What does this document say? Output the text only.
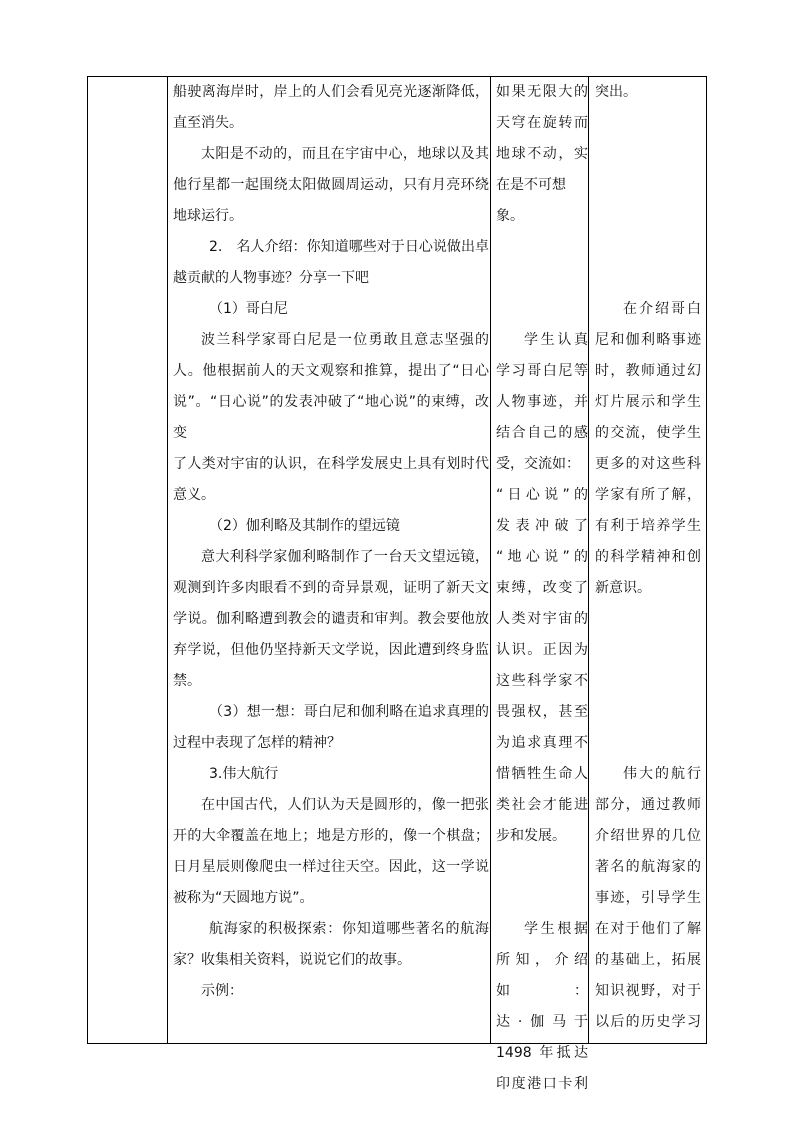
船驶离海岸时，岸上的人们会看见亮光逐渐降低，

直至消失。

太阳是不动的，而且在宇宙中心，地球以及其

他行星都一起围绕太阳做圆周运动，只有月亮环绕

地球运行。

2.　名人介绍：你知道哪些对于日心说做出卓

越贡献的人物事迹？分享一下吧

（1）哥白尼

波兰科学家哥白尼是一位勇敢且意志坚强的

人。他根据前人的天文观察和推算，提出了“日心

说”。“日心说”的发表冲破了“地心说”的束缚，改变

了人类对宇宙的认识，在科学发展史上具有划时代

意义。

（2）伽利略及其制作的望远镜

意大利科学家伽利略制作了一台天文望远镜，

观测到许多肉眼看不到的奇异景观，证明了新天文

学说。伽利略遭到教会的谴责和审判。教会要他放

弃学说，但他仍坚持新天文学说，因此遭到终身监

禁。

（3）想一想：哥白尼和伽利略在追求真理的

过程中表现了怎样的精神？

3.伟大航行

在中国古代，人们认为天是圆形的，像一把张

开的大伞覆盖在地上；地是方形的，像一个棋盘；

日月星辰则像爬虫一样过往天空。因此，这一学说

被称为“天圆地方说”。

航海家的积极探索：你知道哪些著名的航海

家？收集相关资料，说说它们的故事。

示例：

如果无限大的

天穹在旋转而

地球不动，实

在是不可想象。

学生认真

学习哥白尼等

人物事迹，并

结合自己的感

受，交流如：

“日心说”的

发表冲破了

“地心说”的

束缚，改变了

人类对宇宙的

认识。正因为

这些科学家不

畏强权，甚至

为追求真理不

惜牺牲生命人

类社会才能进

步和发展。

学生根据

所知，介绍如：

达·伽马于

1498 年抵达

印度港口卡利

突出。

在介绍哥白

尼和伽利略事迹

时，教师通过幻

灯片展示和学生

的交流，使学生

更多的对这些科

学家有所了解，

有利于培养学生

的科学精神和创

新意识。

伟大的航行

部分，通过教师

介绍世界的几位

著名的航海家的

事迹，引导学生

在对于他们了解

的基础上，拓展

知识视野，对于

以后的历史学习
